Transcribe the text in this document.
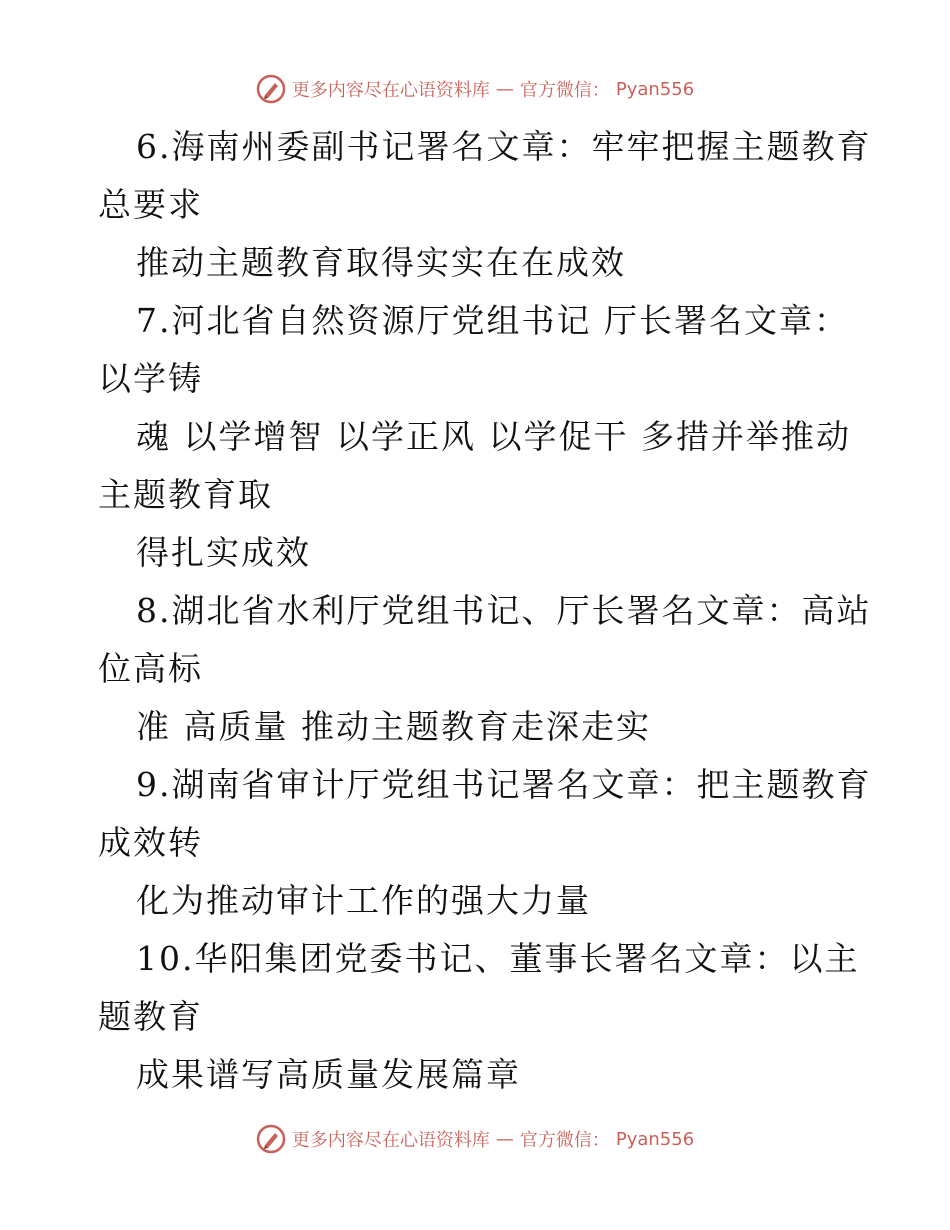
更多内容尽在心语资料库 — 官方微信： Pyan556
6.海南州委副书记署名文章：牢牢把握主题教育
总要求
推动主题教育取得实实在在成效
7.河北省自然资源厅党组书记 厅长署名文章：
以学铸
魂 以学增智 以学正风 以学促干 多措并举推动
主题教育取
得扎实成效
8.湖北省水利厅党组书记、厅长署名文章：高站
位高标
准 高质量 推动主题教育走深走实
9.湖南省审计厅党组书记署名文章：把主题教育
成效转
化为推动审计工作的强大力量
10.华阳集团党委书记、董事长署名文章：以主
题教育
成果谱写高质量发展篇章
更多内容尽在心语资料库 — 官方微信： Pyan556
